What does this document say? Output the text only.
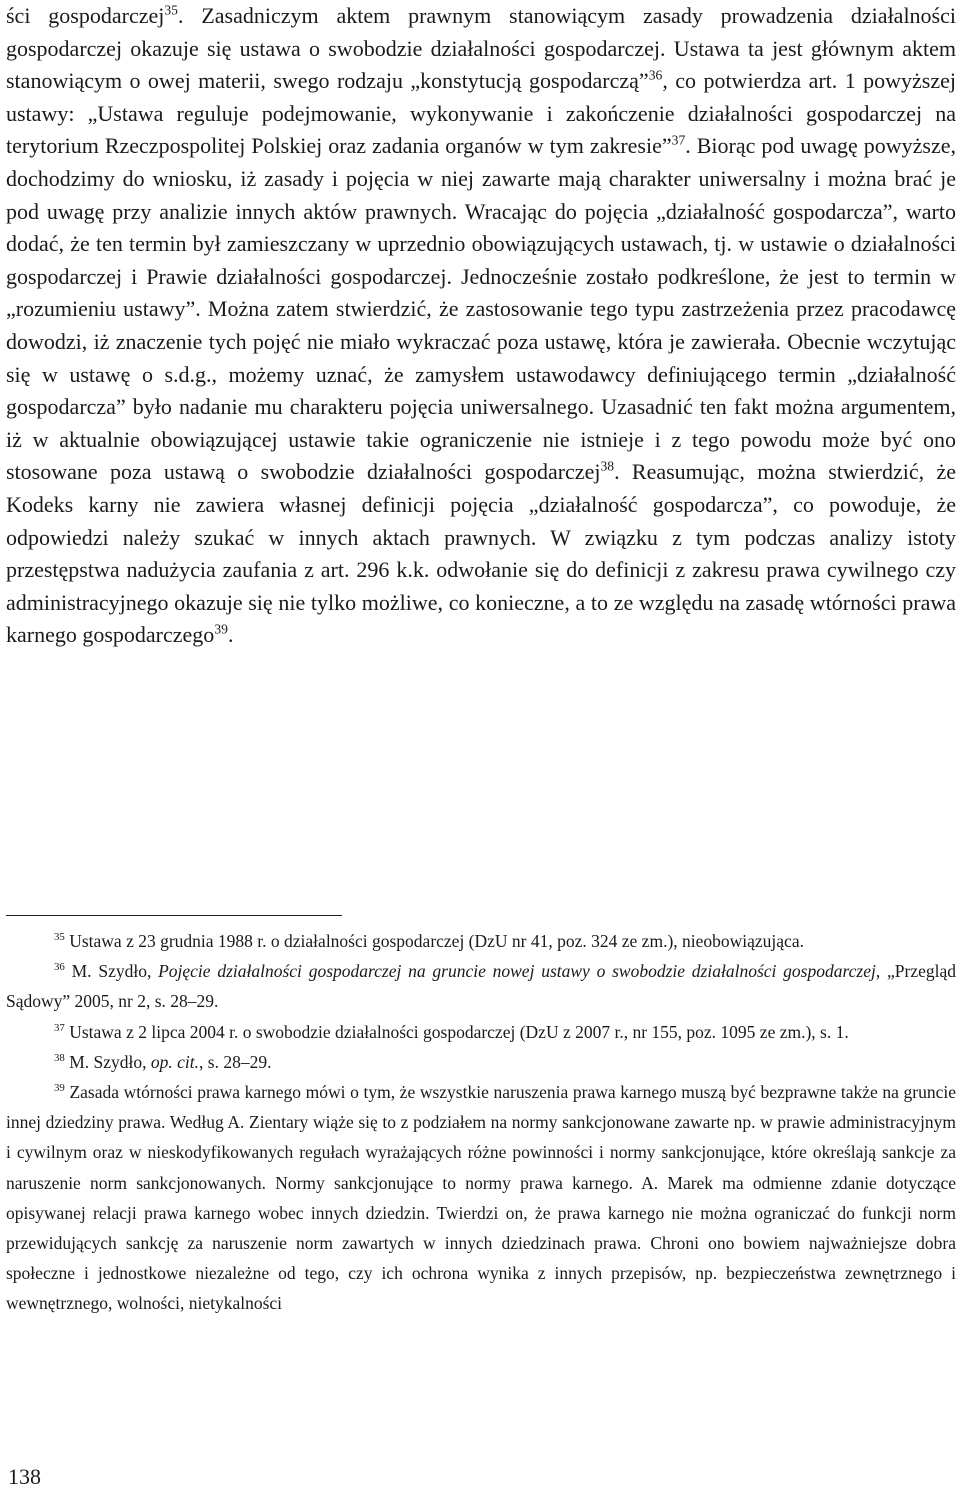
ści gospodarczej$^{35}$. Zasadniczym aktem prawnym stanowiącym zasady prowadzenia działalności gospodarczej okazuje się ustawa o swobodzie działalności gospodarczej. Ustawa ta jest głównym aktem stanowiącym o owej materii, swego rodzaju „konstytucją gospodarczą”$^{36}$, co potwierdza art. 1 powyższej ustawy: „Ustawa reguluje podejmowanie, wykonywanie i zakończenie działalności gospodarczej na terytorium Rzeczpospolitej Polskiej oraz zadania organów w tym zakresie”$^{37}$. Biorąc pod uwagę powyższe, dochodzimy do wniosku, iż zasady i pojęcia w niej zawarte mają charakter uniwersalny i można brać je pod uwagę przy analizie innych aktów prawnych. Wracając do pojęcia „działalność gospodarcza”, warto dodać, że ten termin był zamieszczany w uprzednio obowiązujących ustawach, tj. w ustawie o działalności gospodarczej i Prawie działalności gospodarczej. Jednocześnie zostało podkreślone, że jest to termin w „rozumieniu ustawy”. Można zatem stwierdzić, że zastosowanie tego typu zastrzeżenia przez pracodawcę dowodzi, iż znaczenie tych pojęć nie miało wykraczać poza ustawę, która je zawierała. Obecnie wczytując się w ustawę o s.d.g., możemy uznać, że zamysłem ustawodawcy definiującego termin „działalność gospodarcza” było nadanie mu charakteru pojęcia uniwersalnego. Uzasadnić ten fakt można argumentem, iż w aktualnie obowiązującej ustawie takie ograniczenie nie istnieje i z tego powodu może być ono stosowane poza ustawą o swobodzie działalności gospodarczej$^{38}$. Reasumując, można stwierdzić, że Kodeks karny nie zawiera własnej definicji pojęcia „działalność gospodarcza”, co powoduje, że odpowiedzi należy szukać w innych aktach prawnych. W związku z tym podczas analizy istoty przestępstwa nadużycia zaufania z art. 296 k.k. odwołanie się do definicji z zakresu prawa cywilnego czy administracyjnego okazuje się nie tylko możliwe, co konieczne, a to ze względu na zasadę wtórności prawa karnego gospodarczego$^{39}$.

$^{35}$ Ustawa z 23 grudnia 1988 r. o działalności gospodarczej (DzU nr 41, poz. 324 ze zm.), nieobowiązująca.

$^{36}$ M. Szydło, Pojęcie działalności gospodarczej na gruncie nowej ustawy o swobodzie działalności gospodarczej, „Przegląd Sądowy” 2005, nr 2, s. 28–29.

$^{37}$ Ustawa z 2 lipca 2004 r. o swobodzie działalności gospodarczej (DzU z 2007 r., nr 155, poz. 1095 ze zm.), s. 1.

$^{38}$ M. Szydło, op. cit., s. 28–29.

$^{39}$ Zasada wtórności prawa karnego mówi o tym, że wszystkie naruszenia prawa karnego muszą być bezprawne także na gruncie innej dziedziny prawa. Według A. Zientary wiąże się to z podziałem na normy sankcjonowane zawarte np. w prawie administracyjnym i cywilnym oraz w nieskodyfikowanych regułach wyrażających różne powinności i normy sankcjonujące, które określają sankcje za naruszenie norm sankcjonowanych. Normy sankcjonujące to normy prawa karnego. A. Marek ma odmienne zdanie dotyczące opisywanej relacji prawa karnego wobec innych dziedzin. Twierdzi on, że prawa karnego nie można ograniczać do funkcji norm przewidujących sankcję za naruszenie norm zawartych w innych dziedzinach prawa. Chroni ono bowiem najważniejsze dobra społeczne i jednostkowe niezależne od tego, czy ich ochrona wynika z innych przepisów, np. bezpieczeństwa zewnętrznego i wewnętrznego, wolności, nietykalności

138
